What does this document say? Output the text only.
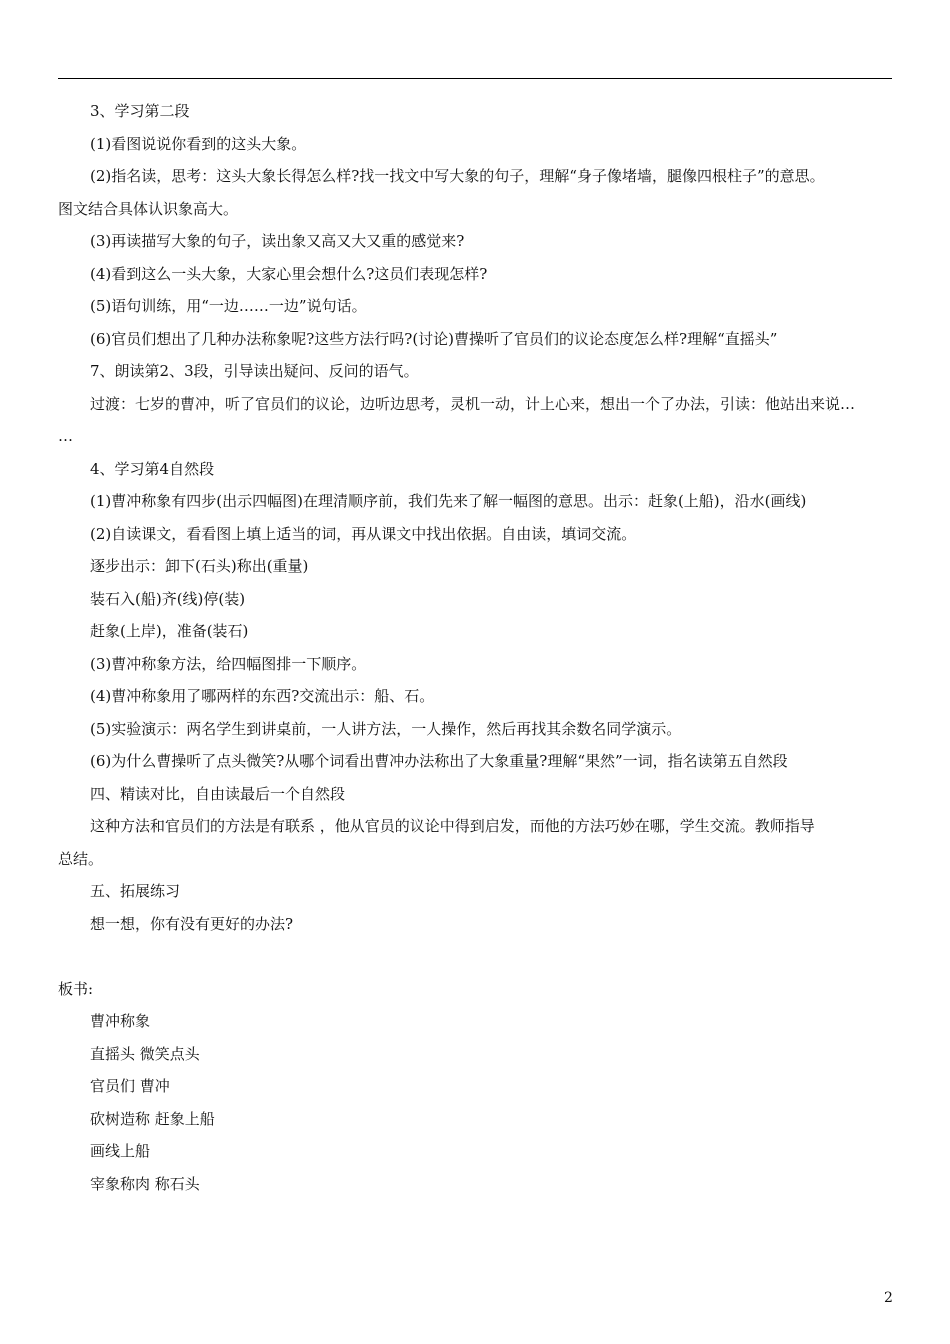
3、学习第二段
(1)看图说说你看到的这头大象。
(2)指名读，思考：这头大象长得怎么样?找一找文中写大象的句子，理解“身子像堵墙，腿像四根柱子”的意思。
图文结合具体认识象高大。
(3)再读描写大象的句子，读出象又高又大又重的感觉来?
(4)看到这么一头大象，大家心里会想什么?这员们表现怎样?
(5)语句训练，用“一边……一边”说句话。
(6)官员们想出了几种办法称象呢?这些方法行吗?(讨论)曹操听了官员们的议论态度怎么样?理解“直摇头”
7、朗读第2、3段，引导读出疑问、反问的语气。
过渡：七岁的曹冲，听了官员们的议论，边听边思考，灵机一动，计上心来，想出一个了办法，引读：他站出来说…
…
4、学习第4自然段
(1)曹冲称象有四步(出示四幅图)在理清顺序前，我们先来了解一幅图的意思。出示：赶象(上船)，沿水(画线)
(2)自读课文，看看图上填上适当的词，再从课文中找出依据。自由读，填词交流。
逐步出示：卸下(石头)称出(重量)
装石入(船)齐(线)停(装)
赶象(上岸)，准备(装石)
(3)曹冲称象方法，给四幅图排一下顺序。
(4)曹冲称象用了哪两样的东西?交流出示：船、石。
(5)实验演示：两名学生到讲桌前，一人讲方法，一人操作，然后再找其余数名同学演示。
(6)为什么曹操听了点头微笑?从哪个词看出曹冲办法称出了大象重量?理解“果然”一词，指名读第五自然段
四、精读对比，自由读最后一个自然段
这种方法和官员们的方法是有联系 ，他从官员的议论中得到启发，而他的方法巧妙在哪，学生交流。教师指导
总结。
五、拓展练习
想一想，你有没有更好的办法?
板书:
曹冲称象
直摇头 微笑点头
官员们 曹冲
砍树造称 赶象上船
画线上船
宰象称肉 称石头
2
